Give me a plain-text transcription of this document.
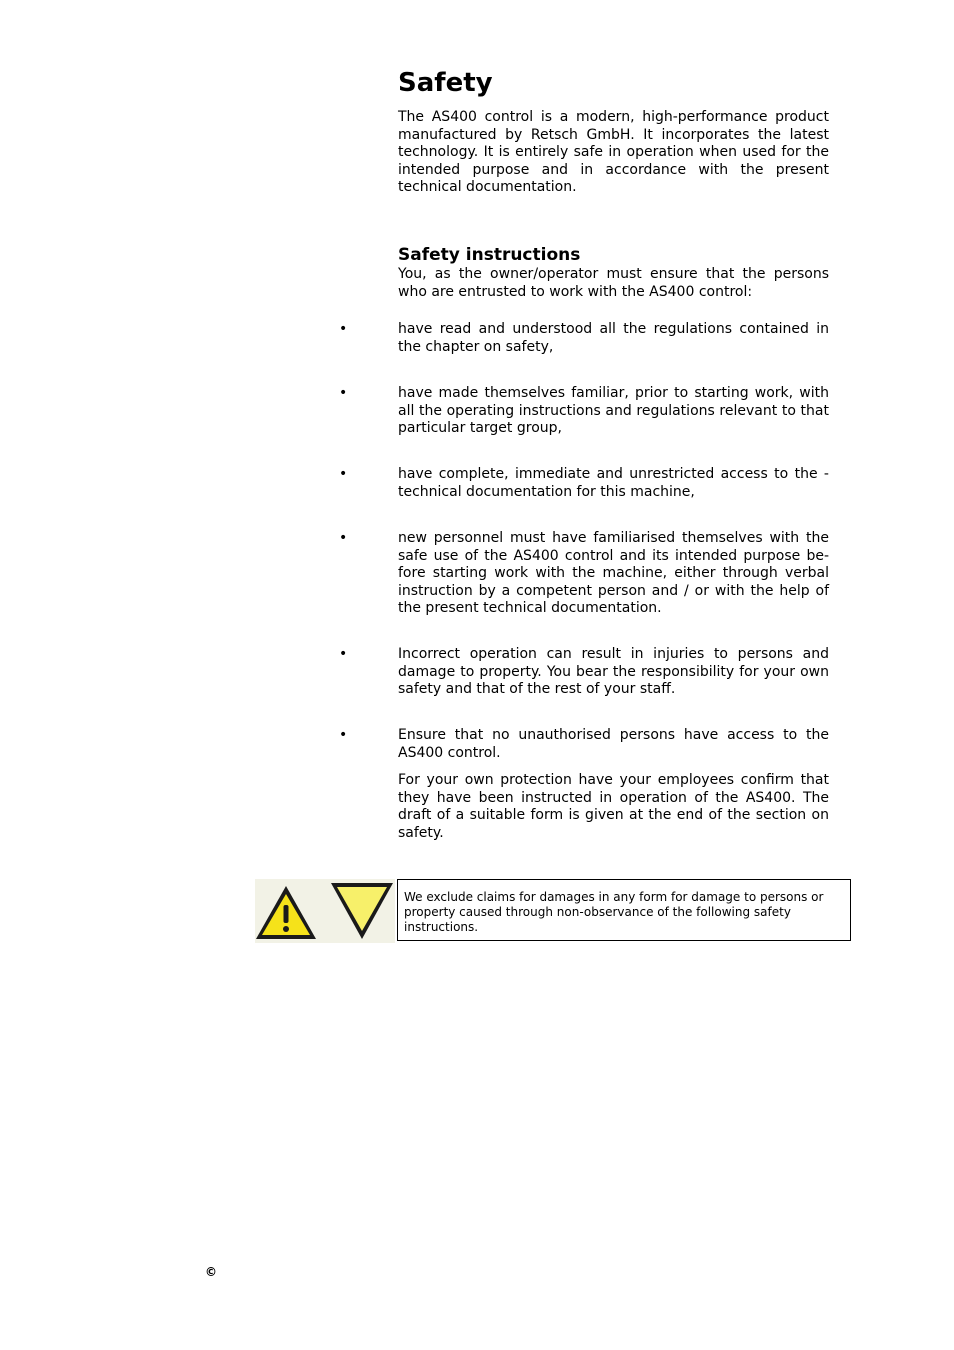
Safety

The AS400 control is a modern, high-performance product manufactured by Retsch GmbH. It incorporates the latest technology. It is entirely safe in operation when used for the intended purpose and in accordance with the present technical documentation.

Safety instructions

You, as the owner/operator must ensure that the persons who are entrusted to work with the AS400 control:

•	have read and understood all the regulations contained in the chapter on safety,

•	have made themselves familiar, prior to starting work, with all the operating instructions and regulations relevant to that particular target group,

•	have complete, immediate and unrestricted access to the -technical documentation for this machine,

•	new personnel must have familiarised themselves with the safe use of the AS400 control and its intended purpose be-fore starting work with the machine, either through verbal instruction by a competent person and / or with the help of the present technical documentation.

•	Incorrect operation can result in injuries to persons and damage to property. You bear the responsibility for your own safety and that of the rest of your staff.

•	Ensure that no unauthorised persons have access to the AS400 control.

For your own protection have your employees confirm that they have been instructed in operation of the AS400. The draft of a suitable form is given at the end of the section on safety.

We exclude claims for damages in any form for damage to persons or property caused through non-observance of the following safety instructions.
©
